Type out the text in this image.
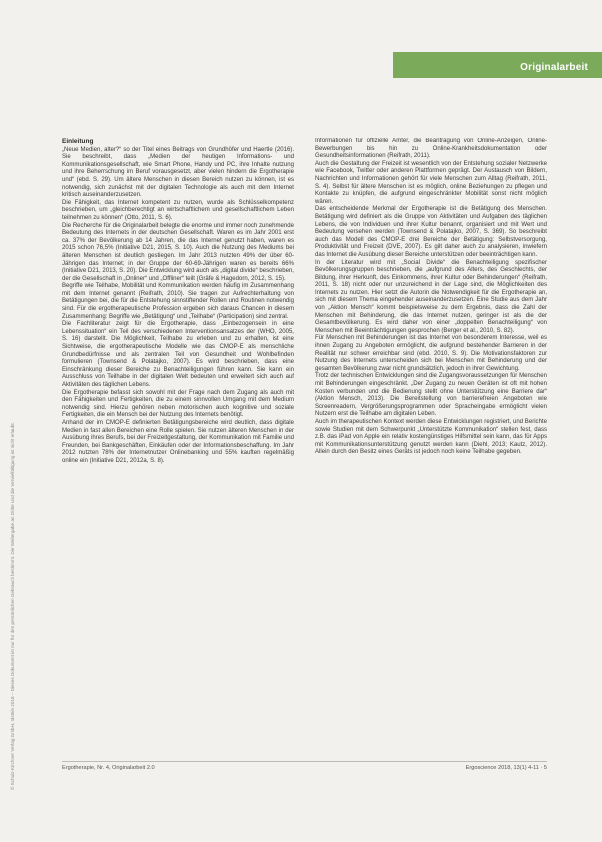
Originalarbeit
© Schulz-Kirchner Verlag GmbH, Idstein 2018 – Dieses Dokument ist nur für den persönlichen Gebrauch bestimmt. Die Weitergabe an Dritte und die Vervielfältigung ist nicht erlaubt.
Einleitung

„Neue Medien, alter?“ so der Titel eines Beitrags von Grundhöfer und Haertle (2016). Sie beschreibt, dass „Medien der heutigen Informations- und Kommunikationsgesellschaft, wie Smart Phone, Handy und PC, ihre Inhalte nutzung und ihre Beherrschung im Beruf vorausgesetzt, aber vielen hindern die Ergotherapie und“ (ebd. S. 29). Um ältere Menschen in diesen Bereich nutzen zu können, ist es notwendig, sich zunächst mit der digitalen Technologie als auch mit dem Internet kritisch auseinanderzusetzen.

Die Fähigkeit, das Internet kompetent zu nutzen, wurde als Schlüsselkompetenz beschrieben, um „gleichberechtigt an wirtschaftlichem und gesellschaftlichem Leben teilnehmen zu können“ (Otto, 2011, S. 6).

Die Recherche für die Originalarbeit belegte die enorme und immer noch zunehmende Bedeutung des Internets in der deutschen Gesellschaft. Waren es im Jahr 2001 erst ca. 37% der Bevölkerung ab 14 Jahren, die das Internet genutzt haben, waren es 2015 schon 76,5% (Initiative D21, 2015, S. 10). Auch die Nutzung des Mediums bei älteren Menschen ist deutlich gestiegen. Im Jahr 2013 nutzten 49% der über 60-Jährigen das Internet; in der Gruppe der 60-69-Jährigen waren es bereits 66% (Initiative D21, 2013, S. 20). Die Entwicklung wird auch als „digital divide“ beschrieben, der die Gesellschaft in „Onliner“ und „Offliner“ teilt (Gräfe & Hagedorn, 2012, S. 15).

Begriffe wie Teilhabe, Mobilität und Kommunikation werden häufig im Zusammenhang mit dem Internet genannt (Reifrath, 2010). Sie tragen zur Aufrechterhaltung von Betätigungen bei, die für die Entstehung sinnstiftender Rollen und Routinen notwendig sind. Für die ergotherapeutische Profession ergeben sich daraus Chancen in diesem Zusammenhang: Begriffe wie „Betätigung“ und „Teilhabe“ (Participation) sind zentral.

Die Fachliteratur zeigt für die Ergotherapie, dass „Einbezogensein in eine Lebenssituation“ ein Teil des verschiedenen Interventionsansatzes der (WHO, 2005, S. 16) darstellt. Die Möglichkeit, Teilhabe zu erleben und zu erhalten, ist eine Sichtweise, die ergotherapeutische Modelle wie das CMOP-E als menschliche Grundbedürfnisse und als zentralen Teil von Gesundheit und Wohlbefinden formulieren (Townsend & Polatajko, 2007). Es wird beschrieben, dass eine Einschränkung dieser Bereiche zu Benachteiligungen führen kann. Sie kann ein Ausschluss von Teilhabe in der digitalen Welt bedeuten und erweitert sich auch auf Aktivitäten des täglichen Lebens.

Die Ergotherapie befasst sich sowohl mit der Frage nach dem Zugang als auch mit den Fähigkeiten und Fertigkeiten, die zu einem sinnvollen Umgang mit dem Medium notwendig sind. Hierzu gehören neben motorischen auch kognitive und soziale Fertigkeiten, die ein Mensch bei der Nutzung des Internets benötigt.

Anhand der im CMOP-E definierten Betätigungsbereiche wird deutlich, dass digitale Medien in fast allen Bereichen eine Rolle spielen. Sie nutzen älteren Menschen in der Ausübung ihres Berufs, bei der Freizeitgestaltung, der Kommunikation mit Familie und Freunden, bei Bankgeschäften, Einkäufen oder der Informationsbeschaffung. Im Jahr 2012 nutzten 78% der Internetnutzer Onlinebanking und 55% kauften regelmäßig online ein (Initiative D21, 2012a, S. 8).

Informationen für offizielle Ämter, die Beantragung von Online-Anzeigen, Online-Bewerbungen bis hin zu Online-Krankheitsdokumentation oder Gesundheitsinformationen (Reifrath, 2011).

Auch die Gestaltung der Freizeit ist wesentlich von der Entstehung sozialer Netzwerke wie Facebook, Twitter oder anderen Plattformen geprägt. Der Austausch von Bildern, Nachrichten und Informationen gehört für viele Menschen zum Alltag (Reifrath, 2011, S. 4). Selbst für ältere Menschen ist es möglich, online Beziehungen zu pflegen und Kontakte zu knüpfen, die aufgrund eingeschränkter Mobilität sonst nicht möglich wären.

Das entscheidende Merkmal der Ergotherapie ist die Betätigung des Menschen. Betätigung wird definiert als die Gruppe von Aktivitäten und Aufgaben des täglichen Lebens, die von Individuen und ihrer Kultur benannt, organisiert und mit Wert und Bedeutung versehen werden (Townsend & Polatajko, 2007, S. 369). So beschreibt auch das Modell des CMOP-E drei Bereiche der Betätigung: Selbstversorgung, Produktivität und Freizeit (DVE, 2007). Es gilt daher auch zu analysieren, inwiefern das Internet die Ausübung dieser Bereiche unterstützen oder beeinträchtigen kann.

In der Literatur wird mit „Social Divide“ die Benachteiligung spezifischer Bevölkerungsgruppen beschrieben, die „aufgrund des Alters, des Geschlechts, der Bildung, ihrer Herkunft, des Einkommens, ihrer Kultur oder Behinderungen“ (Reifrath, 2011, S. 18) nicht oder nur unzureichend in der Lage sind, die Möglichkeiten des Internets zu nutzen. Hier setzt die Autorin die Notwendigkeit für die Ergotherapie an, sich mit diesem Thema eingehender auseinanderzusetzen. Eine Studie aus dem Jahr von „Aktion Mensch“ kommt beispielsweise zu dem Ergebnis, dass die Zahl der Menschen mit Behinderung, die das Internet nutzen, geringer ist als die der Gesamtbevölkerung. Es wird daher von einer „doppelten Benachteiligung“ von Menschen mit Beeinträchtigungen gesprochen (Berger et al., 2010, S. 82).

Für Menschen mit Behinderungen ist das Internet von besonderem Interesse, weil es ihnen Zugang zu Angeboten ermöglicht, die aufgrund bestehender Barrieren in der Realität nur schwer erreichbar sind (ebd. 2010, S. 9). Die Motivationsfaktoren zur Nutzung des Internets unterscheiden sich bei Menschen mit Behinderung und der gesamten Bevölkerung zwar nicht grundsätzlich, jedoch in ihrer Gewichtung.

Trotz der technischen Entwicklungen sind die Zugangsvoraussetzungen für Menschen mit Behinderungen eingeschränkt. „Der Zugang zu neuen Geräten ist oft mit hohen Kosten verbunden und die Bedienung stellt ohne Unterstützung eine Barriere dar“ (Aktion Mensch, 2013). Die Bereitstellung von barrierefreien Angeboten wie Screenreadern, Vergrößerungsprogrammen oder Spracheingabe ermöglicht vielen Nutzern erst die Teilhabe am digitalen Leben.

Auch im therapeutischen Kontext werden diese Entwicklungen registriert, und Berichte sowie Studien mit dem Schwerpunkt „Unterstützte Kommunikation“ stellen fest, dass z.B. das iPad von Apple ein relativ kostengünstiges Hilfsmittel sein kann, das für Apps mit Kommunikationsunterstützung genutzt werden kann (Diehl, 2013; Kautz, 2012). Allein durch den Besitz eines Geräts ist jedoch noch keine Teilhabe gegeben.

Ergotherapie, Nr. 4, Originalarbeit 2.0	Ergoscience 2018, 13(1) 4-11 · 5
